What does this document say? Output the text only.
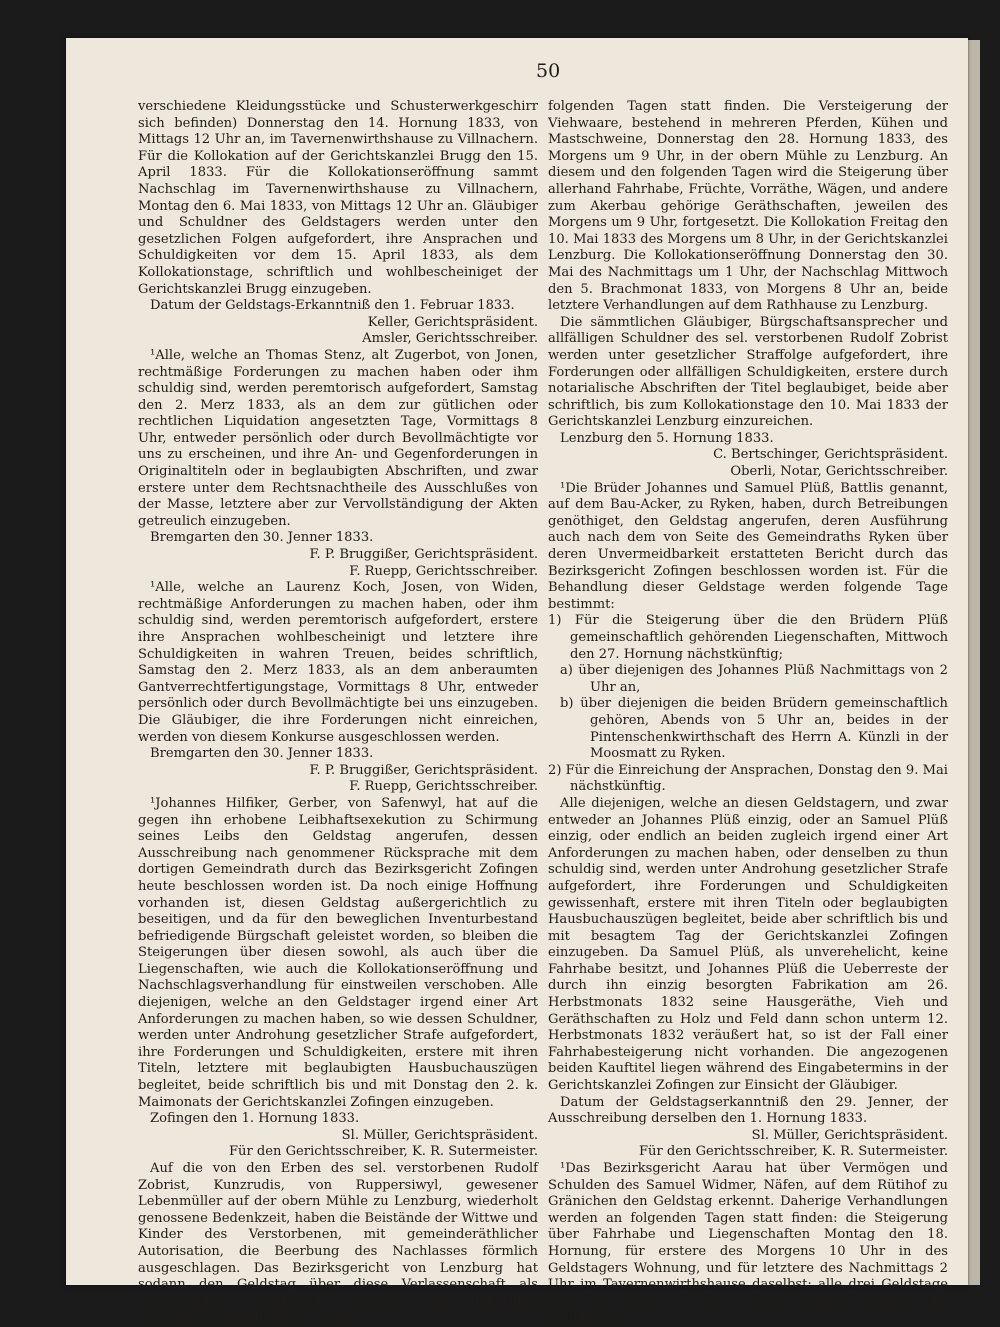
50

verschiedene Kleidungsstücke und Schusterwerkgeschirr sich befinden) Donnerstag den 14. Hornung 1833, von Mittags 12 Uhr an, im Tavernenwirthshause zu Villnachern. Für die Kollokation auf der Gerichtskanzlei Brugg den 15. April 1833. Für die Kollokationseröffnung sammt Nachschlag im Tavernenwirthshause zu Villnachern, Montag den 6. Mai 1833, von Mittags 12 Uhr an. Gläubiger und Schuldner des Geldstagers werden unter den gesetzlichen Folgen aufgefordert, ihre Ansprachen und Schuldigkeiten vor dem 15. April 1833, als dem Kollokationstage, schriftlich und wohlbescheiniget der Gerichtskanzlei Brugg einzugeben.

Datum der Geldstags-Erkanntniß den 1. Februar 1833.

Keller, Gerichtspräsident.

Amsler, Gerichtsschreiber.

¹Alle, welche an Thomas Stenz, alt Zugerbot, von Jonen, rechtmäßige Forderungen zu machen haben oder ihm schuldig sind, werden peremtorisch aufgefordert, Samstag den 2. Merz 1833, als an dem zur gütlichen oder rechtlichen Liquidation angesetzten Tage, Vormittags 8 Uhr, entweder persönlich oder durch Bevollmächtigte vor uns zu erscheinen, und ihre An- und Gegenforderungen in Originaltiteln oder in beglaubigten Abschriften, und zwar erstere unter dem Rechtsnachtheile des Ausschlußes von der Masse, letztere aber zur Vervollständigung der Akten getreulich einzugeben.

Bremgarten den 30. Jenner 1833.

F. P. Bruggißer, Gerichtspräsident.

F. Ruepp, Gerichtsschreiber.

¹Alle, welche an Laurenz Koch, Josen, von Widen, rechtmäßige Anforderungen zu machen haben, oder ihm schuldig sind, werden peremtorisch aufgefordert, erstere ihre Ansprachen wohlbescheinigt und letztere ihre Schuldigkeiten in wahren Treuen, beides schriftlich, Samstag den 2. Merz 1833, als an dem anberaumten Gantverrechtfertigungstage, Vormittags 8 Uhr, entweder persönlich oder durch Bevollmächtigte bei uns einzugeben. Die Gläubiger, die ihre Forderungen nicht einreichen, werden von diesem Konkurse ausgeschlossen werden.

Bremgarten den 30. Jenner 1833.

F. P. Bruggißer, Gerichtspräsident.

F. Ruepp, Gerichtsschreiber.

¹Johannes Hilfiker, Gerber, von Safenwyl, hat auf die gegen ihn erhobene Leibhaftsexekution zu Schirmung seines Leibs den Geldstag angerufen, dessen Ausschreibung nach genommener Rücksprache mit dem dortigen Gemeindrath durch das Bezirksgericht Zofingen heute beschlossen worden ist. Da noch einige Hoffnung vorhanden ist, diesen Geldstag außergerichtlich zu beseitigen, und da für den beweglichen Inventurbestand befriedigende Bürgschaft geleistet worden, so bleiben die Steigerungen über diesen sowohl, als auch über die Liegenschaften, wie auch die Kollokationseröffnung und Nachschlagsverhandlung für einstweilen verschoben. Alle diejenigen, welche an den Geldstager irgend einer Art Anforderungen zu machen haben, so wie dessen Schuldner, werden unter Androhung gesetzlicher Strafe aufgefordert, ihre Forderungen und Schuldigkeiten, erstere mit ihren Titeln, letztere mit beglaubigten Hausbuchauszügen begleitet, beide schriftlich bis und mit Donstag den 2. k. Maimonats der Gerichtskanzlei Zofingen einzugeben.

Zofingen den 1. Hornung 1833.

Sl. Müller, Gerichtspräsident.

Für den Gerichtsschreiber, K. R. Sutermeister.

Auf die von den Erben des sel. verstorbenen Rudolf Zobrist, Kunzrudis, von Ruppersiwyl, gewesener Lebenmüller auf der obern Mühle zu Lenzburg, wiederholt genossene Bedenkzeit, haben die Beiständе der Wittwe und Kinder des Verstorbenen, mit gemeinderäthlicher Autorisation, die Beerbung des Nachlasses förmlich ausgeschlagen. Das Bezirksgericht von Lenzburg hat sodann den Geldstag über diese Verlassenschaft als unvermeidlich richterlich erkennt. Die daherigen Geldstagsverhandlungen werden an

folgenden Tagen statt finden. Die Versteigerung der Viehwaare, bestehend in mehreren Pferden, Kühen und Mastschweine, Donnerstag den 28. Hornung 1833, des Morgens um 9 Uhr, in der obern Mühle zu Lenzburg. An diesem und den folgenden Tagen wird die Steigerung über allerhand Fahrhabe, Früchte, Vorräthe, Wägen, und andere zum Akerbau gehörige Geräthschaften, jeweilen des Morgens um 9 Uhr, fortgesetzt. Die Kollokation Freitag den 10. Mai 1833 des Morgens um 8 Uhr, in der Gerichtskanzlei Lenzburg. Die Kollokationseröffnung Donnerstag den 30. Mai des Nachmittags um 1 Uhr, der Nachschlag Mittwoch den 5. Brachmonat 1833, von Morgens 8 Uhr an, beide letztere Verhandlungen auf dem Rathhause zu Lenzburg.

Die sämmtlichen Gläubiger, Bürgschaftsansprecher und allfälligen Schuldner des sel. verstorbenen Rudolf Zobrist werden unter gesetzlicher Straffolge aufgefordert, ihre Forderungen oder allfälligen Schuldigkeiten, erstere durch notarialische Abschriften der Titel beglaubiget, beide aber schriftlich, bis zum Kollokationstage den 10. Mai 1833 der Gerichtskanzlei Lenzburg einzureichen.

Lenzburg den 5. Hornung 1833.

C. Bertschinger, Gerichtspräsident.

Oberli, Notar, Gerichtsschreiber.

¹Die Brüder Johannes und Samuel Plüß, Battlis genannt, auf dem Bau-Acker, zu Ryken, haben, durch Betreibungen genöthiget, den Geldstag angerufen, deren Ausführung auch nach dem von Seite des Gemeindraths Ryken über deren Unvermeidbarkeit erstatteten Bericht durch das Bezirksgericht Zofingen beschlossen worden ist. Für die Behandlung dieser Geldstage werden folgende Tage bestimmt:

1) Für die Steigerung über die den Brüdern Plüß gemeinschaftlich gehörenden Liegenschaften, Mittwoch den 27. Hornung nächstkünftig;

a) über diejenigen des Johannes Plüß Nachmittags von 2 Uhr an,

b) über diejenigen die beiden Brüdern gemeinschaftlich gehören, Abends von 5 Uhr an, beides in der Pintenschenkwirthschaft des Herrn A. Künzli in der Moosmatt zu Ryken.

2) Für die Einreichung der Ansprachen, Donstag den 9. Mai nächstkünftig.

Alle diejenigen, welche an diesen Geldstagern, und zwar entweder an Johannes Plüß einzig, oder an Samuel Plüß einzig, oder endlich an beiden zugleich irgend einer Art Anforderungen zu machen haben, oder denselben zu thun schuldig sind, werden unter Androhung gesetzlicher Strafe aufgefordert, ihre Forderungen und Schuldigkeiten gewissenhaft, erstere mit ihren Titeln oder beglaubigten Hausbuchauszügen begleitet, beide aber schriftlich bis und mit besagtem Tag der Gerichtskanzlei Zofingen einzugeben. Da Samuel Plüß, als unverehelicht, keine Fahrhabe besitzt, und Johannes Plüß die Ueberreste der durch ihn einzig besorgten Fabrikation am 26. Herbstmonats 1832 seine Hausgeräthe, Vieh und Geräthschaften zu Holz und Feld dann schon unterm 12. Herbstmonats 1832 veräußert hat, so ist der Fall einer Fahrhabesteigerung nicht vorhanden. Die angezogenen beiden Kauftitel liegen während des Eingabetermins in der Gerichtskanzlei Zofingen zur Einsicht der Gläubiger.

Datum der Geldstagserkanntniß den 29. Jenner, der Ausschreibung derselben den 1. Hornung 1833.

Sl. Müller, Gerichtspräsident.

Für den Gerichtsschreiber, K. R. Sutermeister.

¹Das Bezirksgericht Aarau hat über Vermögen und Schulden des Samuel Widmer, Näfen, auf dem Rütihof zu Gränichen den Geldstag erkennt. Daherige Verhandlungen werden an folgenden Tagen statt finden: die Steigerung über Fahrhabe und Liegenschaften Montag den 18. Hornung, für erstere des Morgens 10 Uhr in des Geldstagers Wohnung, und für letztere des Nachmittags 2 Uhr im Tavernenwirthshause daselbst; alle drei Geldstage den 26. Merz in der Gerichtskanzlei Aarau, die Kollokations-
